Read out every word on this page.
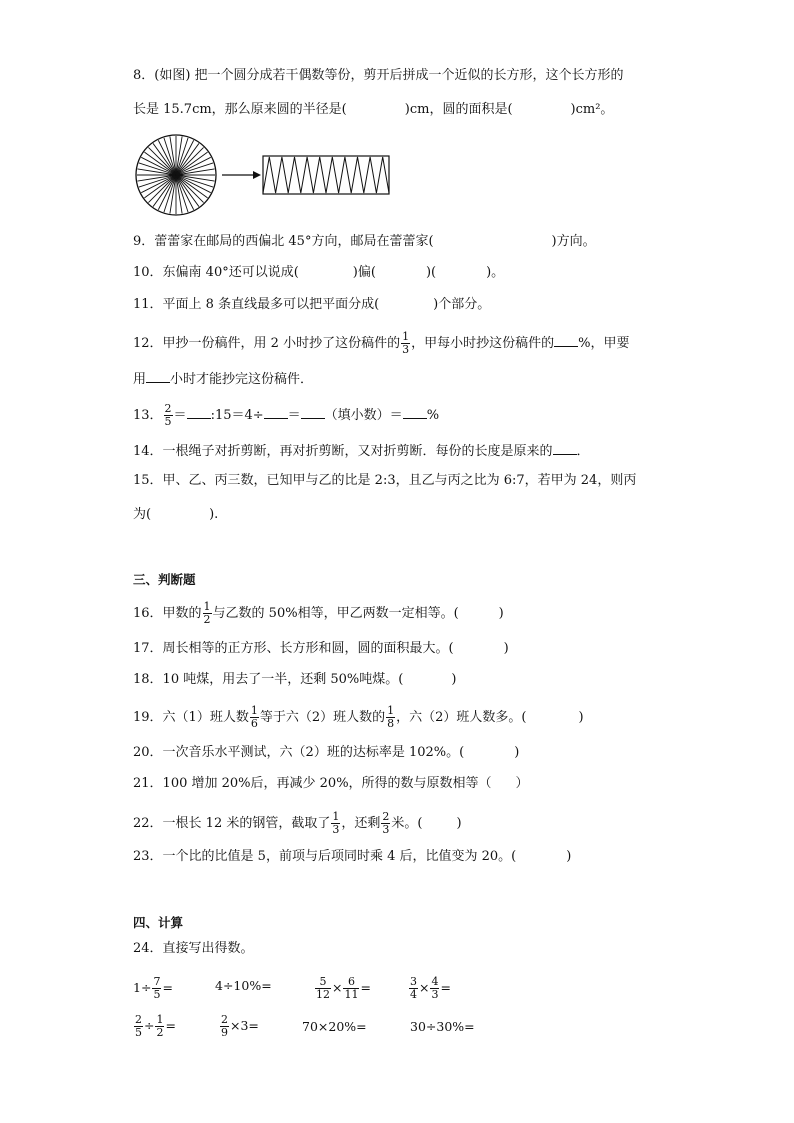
8．(如图) 把一个圆分成若干偶数等份，剪开后拼成一个近似的长方形，这个长方形的
长是 15.7cm，那么原来圆的半径是(	)cm，圆的面积是(	)cm²。
9．蕾蕾家在邮局的西偏北 45°方向，邮局在蕾蕾家(	)方向。
10．东偏南 40°还可以说成(	)偏(	)(	)。
11．平面上 8 条直线最多可以把平面分成(	)个部分。
12．甲抄一份稿件，用 2 小时抄了这份稿件的 $\frac{1}{3}$ ，甲每小时抄这份稿件的 %，甲要
用 小时才能抄完这份稿件．
13． $\frac{2}{5}$ ＝ :15＝4÷ ＝ （填小数）＝ %
14．一根绳子对折剪断，再对折剪断，又对折剪断．每份的长度是原来的 ．
15．甲、乙、丙三数，已知甲与乙的比是 2:3，且乙与丙之比为 6:7，若甲为 24，则丙
为(	).
三、判断题
16．甲数的 $\frac{1}{2}$ 与乙数的 50%相等，甲乙两数一定相等。(	)
17．周长相等的正方形、长方形和圆，圆的面积最大。(	)
18．10 吨煤，用去了一半，还剩 50%吨煤。(	)
19．六（1）班人数 $\frac{1}{6}$ 等于六（2）班人数的 $\frac{1}{8}$ ，六（2）班人数多。(	)
20．一次音乐水平测试，六（2）班的达标率是 102%。(	)
21．100 增加 20%后，再减少 20%，所得的数与原数相等（ ）
22．一根长 12 米的钢管，截取了 $\frac{1}{3}$ ，还剩 $\frac{2}{3}$ 米。(	)
23．一个比的比值是 5，前项与后项同时乘 4 后，比值变为 20。(	)
四、计算
24．直接写出得数。
$1\div \frac{7}{5}$ =	4÷10%=	$\frac{5}{12} \times \frac{6}{11}$ =	$\frac{3}{4} \times \frac{4}{3}$ =
$\frac{2}{5} \div \frac{1}{2}$ =	$\frac{2}{9} \times 3=$	70×20%=	30÷30%=
